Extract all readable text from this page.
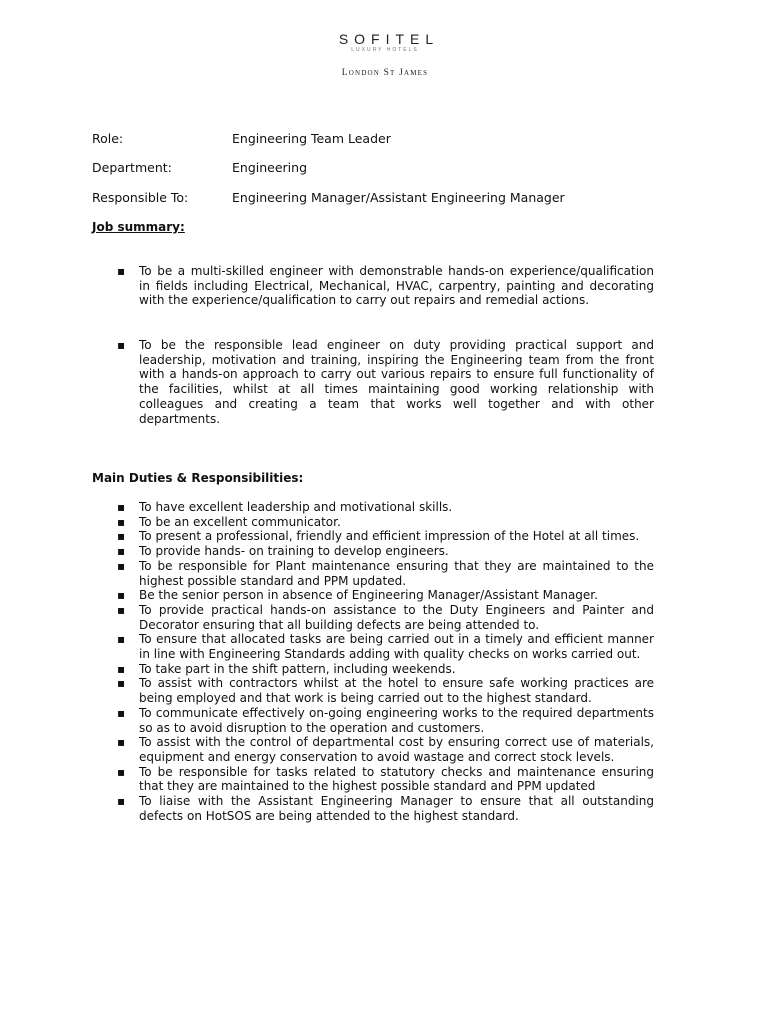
SOFITEL
LUXURY HOTELS
London St James
Role:	Engineering Team Leader
Department:	Engineering
Responsible To:	Engineering Manager/Assistant Engineering Manager
Job summary:
▪ To be a multi-skilled engineer with demonstrable hands-on experience/qualification in fields including Electrical, Mechanical, HVAC, carpentry, painting and decorating with the experience/qualification to carry out repairs and remedial actions.
▪ To be the responsible lead engineer on duty providing practical support and leadership, motivation and training, inspiring the Engineering team from the front with a hands-on approach to carry out various repairs to ensure full functionality of the facilities, whilst at all times maintaining good working relationship with colleagues and creating a team that works well together and with other departments.
Main Duties & Responsibilities:
▪ To have excellent leadership and motivational skills.
▪ To be an excellent communicator.
▪ To present a professional, friendly and efficient impression of the Hotel at all times.
▪ To provide hands- on training to develop engineers.
▪ To be responsible for Plant maintenance ensuring that they are maintained to the highest possible standard and PPM updated.
▪ Be the senior person in absence of Engineering Manager/Assistant Manager.
▪ To provide practical hands-on assistance to the Duty Engineers and Painter and Decorator ensuring that all building defects are being attended to.
▪ To ensure that allocated tasks are being carried out in a timely and efficient manner in line with Engineering Standards adding with quality checks on works carried out.
▪ To take part in the shift pattern, including weekends.
▪ To assist with contractors whilst at the hotel to ensure safe working practices are being employed and that work is being carried out to the highest standard.
▪ To communicate effectively on-going engineering works to the required departments so as to avoid disruption to the operation and customers.
▪ To assist with the control of departmental cost by ensuring correct use of materials, equipment and energy conservation to avoid wastage and correct stock levels.
▪ To be responsible for tasks related to statutory checks and maintenance ensuring that they are maintained to the highest possible standard and PPM updated
▪ To liaise with the Assistant Engineering Manager to ensure that all outstanding defects on HotSOS are being attended to the highest standard.
